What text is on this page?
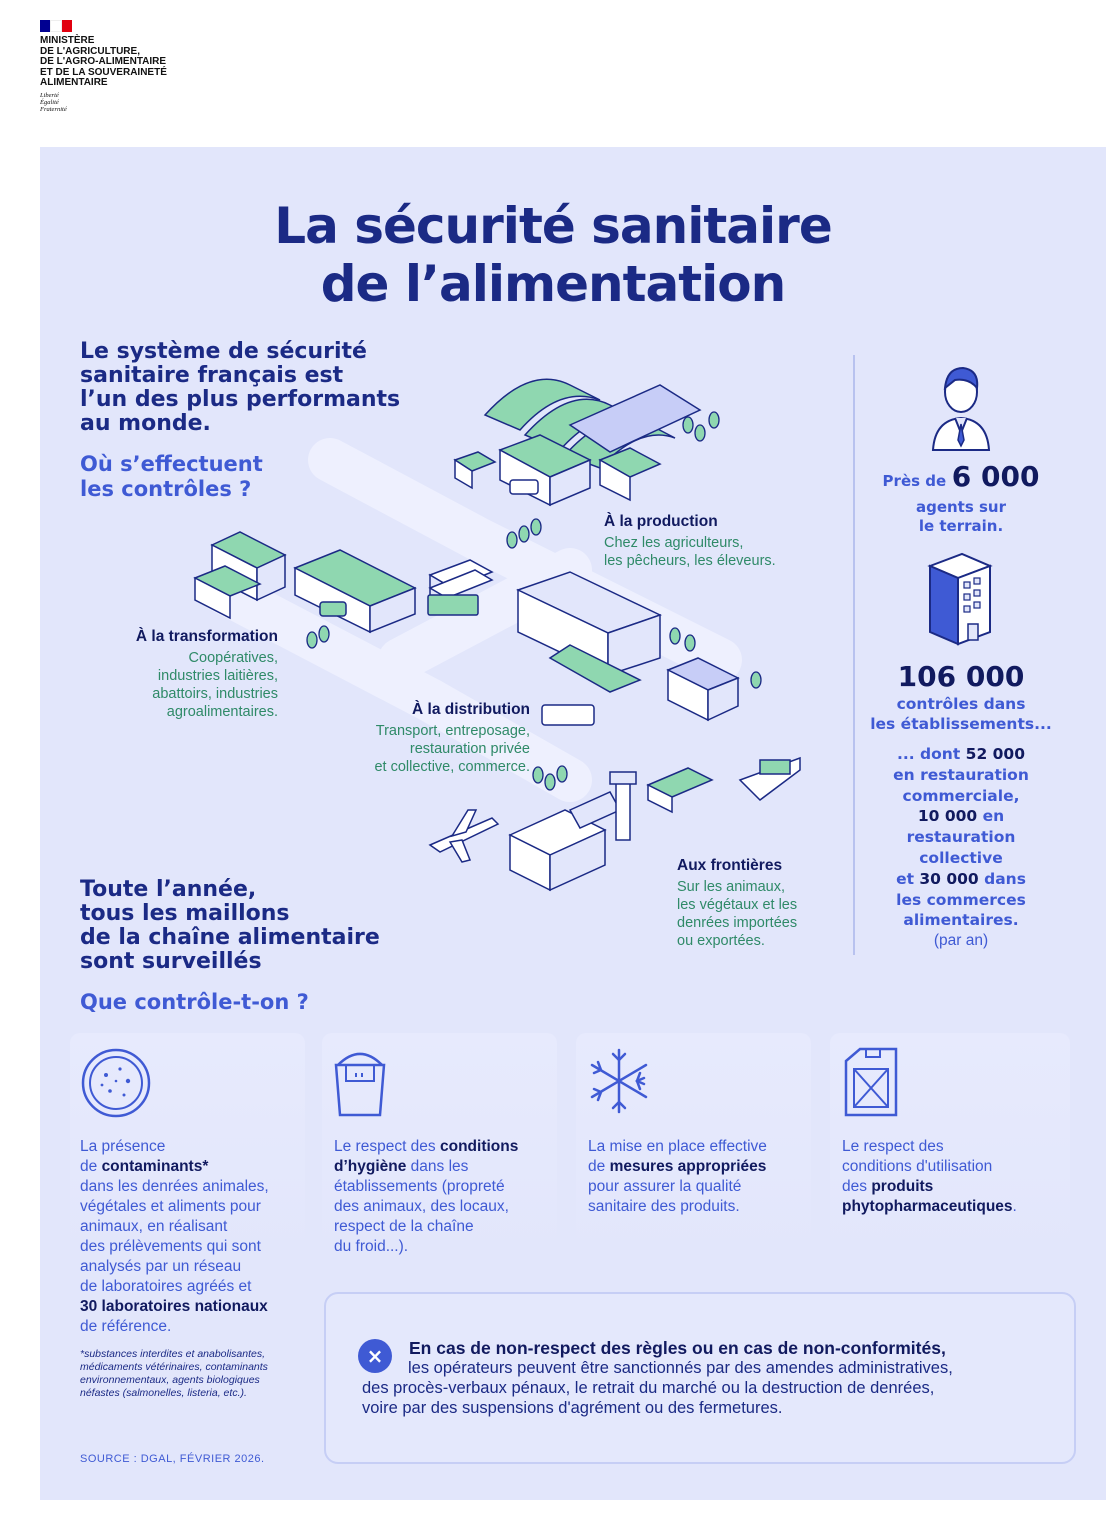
MINISTÈRE
DE L'AGRICULTURE,
DE L'AGRO-ALIMENTAIRE
ET DE LA SOUVERAINETÉ
ALIMENTAIRE
Liberté
Égalité
Fraternité
La sécurité sanitaire
de l’alimentation
Le système de sécurité
sanitaire français est
l’un des plus performants
au monde.
Où s’effectuent
les contrôles ?
À la production
Chez les agriculteurs,
les pêcheurs, les éleveurs.
À la transformation
Coopératives,
industries laitières,
abattoirs, industries
agroalimentaires.	À la distribution
Transport, entreposage,
restauration privée
et collective, commerce.
Aux frontières
Sur les animaux,
les végétaux et les
denrées importées
ou exportées.
Près de 6 000
agents sur
le terrain.
106 000
contrôles dans
les établissements...
... dont 52 000
en restauration
commerciale,
10 000 en
restauration
collective
et 30 000 dans
les commerces
alimentaires.
(par an)
Toute l’année,
tous les maillons
de la chaîne alimentaire
sont surveillés
Que contrôle-t-on ?
La présence
de contaminants*
dans les denrées animales,
végétales et aliments pour
animaux, en réalisant
des prélèvements qui sont
analysés par un réseau
de laboratoires agréés et
30 laboratoires nationaux
de référence.
Le respect des conditions
d’hygiène dans les
établissements (propreté
des animaux, des locaux,
respect de la chaîne
du froid...).
La mise en place effective
de mesures appropriées
pour assurer la qualité
sanitaire des produits.
Le respect des
conditions d'utilisation
des produits
phytopharmaceutiques.
*substances interdites et anabolisantes,
médicaments vétérinaires, contaminants
environnementaux, agents biologiques
néfastes (salmonelles, listeria, etc.).
×	En cas de non-respect des règles ou en cas de non-conformités,
les opérateurs peuvent être sanctionnés par des amendes administratives,
des procès-verbaux pénaux, le retrait du marché ou la destruction de denrées,
voire par des suspensions d'agrément ou des fermetures.
SOURCE : DGAL, FÉVRIER 2026.
